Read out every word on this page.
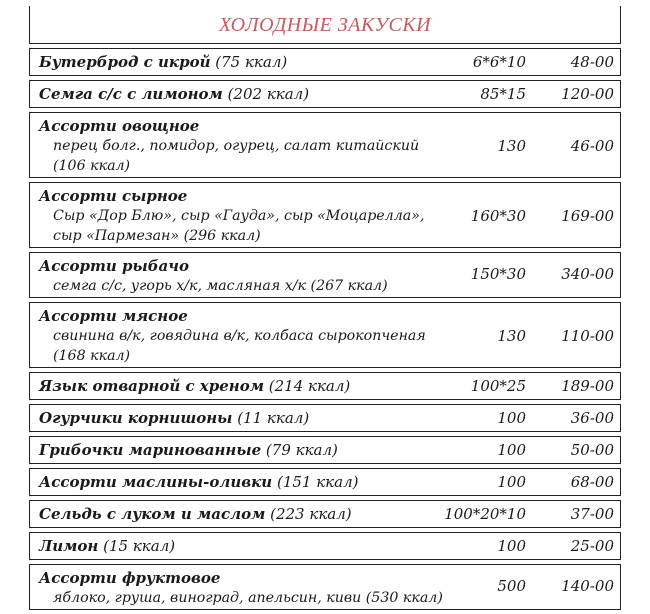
ХОЛОДНЫЕ ЗАКУСКИ
Бутерброд с икрой (75 ккал)	6*6*10	48-00
Семга с/с с лимоном (202 ккал)	85*15 120-00
Ассорти овощное
перец болг., помидор, огурец, салат китайский
(106 ккал)
130	46-00
Ассорти сырное
Сыр «Дор Блю», сыр «Гауда», сыр «Моцарелла»,
сыр «Пармезан» (296 ккал)
160*30 169-00
Ассорти рыбачо
семга с/с, угорь х/к, масляная х/к (267 ккал)
150*30 340-00
Ассорти мясное
свинина в/к, говядина в/к, колбаса сырокопченая
(168 ккал)
130 110-00
Язык отварной с хреном (214 ккал)	100*25 189-00
Огурчики корнишоны (11 ккал)	100	36-00
Грибочки маринованные (79 ккал)	100	50-00
Ассорти маслины-оливки (151 ккал)	100	68-00
Сельдь с луком и маслом (223 ккал)	100*20*10	37-00
Лимон (15 ккал)	100	25-00
Ассорти фруктовое
яблоко, груша, виноград, апельсин, киви (530 ккал)
500 140-00
